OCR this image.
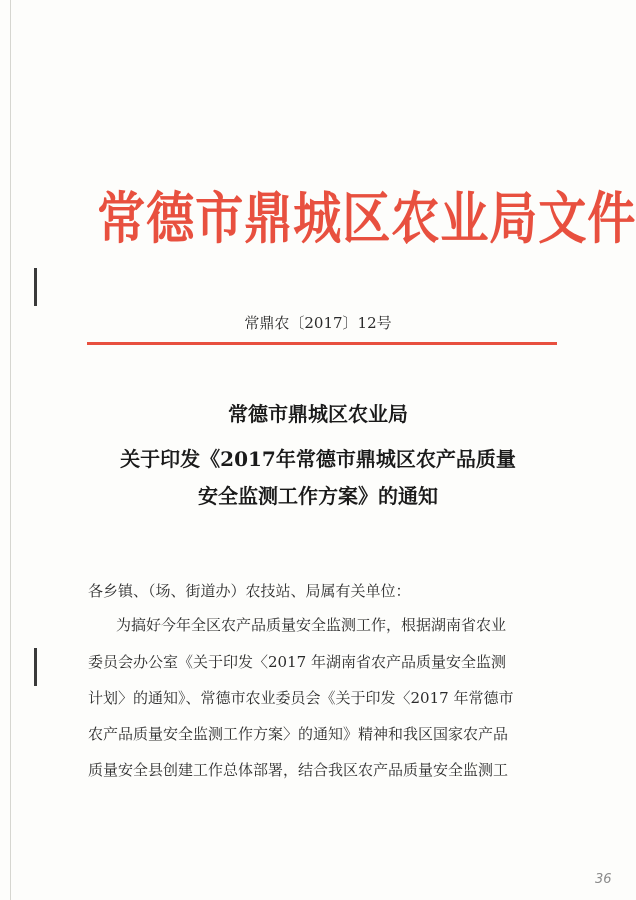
常德市鼎城区农业局文件
常鼎农〔2017〕12号
常德市鼎城区农业局
关于印发《2017年常德市鼎城区农产品质量
安全监测工作方案》的通知
各乡镇、（场、街道办）农技站、局属有关单位：
为搞好今年全区农产品质量安全监测工作，根据湖南省农业
委员会办公室《关于印发〈2017 年湖南省农产品质量安全监测
计划〉的通知》、常德市农业委员会《关于印发〈2017 年常德市
农产品质量安全监测工作方案〉的通知》精神和我区国家农产品
质量安全县创建工作总体部署，结合我区农产品质量安全监测工
36
